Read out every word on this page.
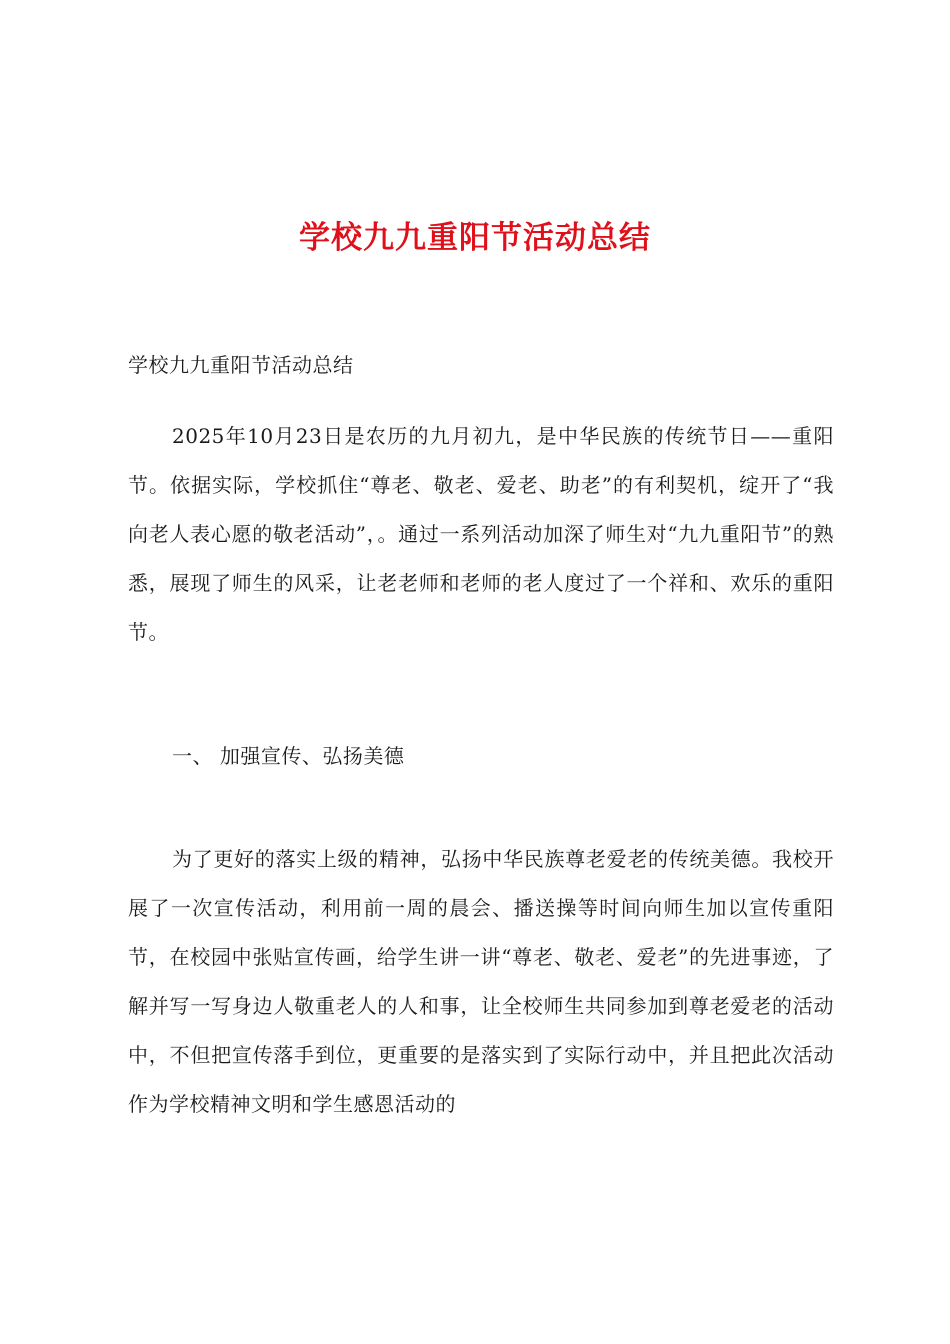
学校九九重阳节活动总结

学校九九重阳节活动总结

2025年10月23日是农历的九月初九，是中华民族的传统节日——重阳节。依据实际，学校抓住“尊老、敬老、爱老、助老”的有利契机，绽开了“我向老人表心愿的敬老活动”，。通过一系列活动加深了师生对“九九重阳节”的熟悉，展现了师生的风采，让老老师和老师的老人度过了一个祥和、欢乐的重阳节。

一、 加强宣传、弘扬美德

为了更好的落实上级的精神，弘扬中华民族尊老爱老的传统美德。我校开展了一次宣传活动，利用前一周的晨会、播送操等时间向师生加以宣传重阳节，在校园中张贴宣传画，给学生讲一讲“尊老、敬老、爱老”的先进事迹，了解并写一写身边人敬重老人的人和事，让全校师生共同参加到尊老爱老的活动中，不但把宣传落手到位，更重要的是落实到了实际行动中，并且把此次活动作为学校精神文明和学生感恩活动的
